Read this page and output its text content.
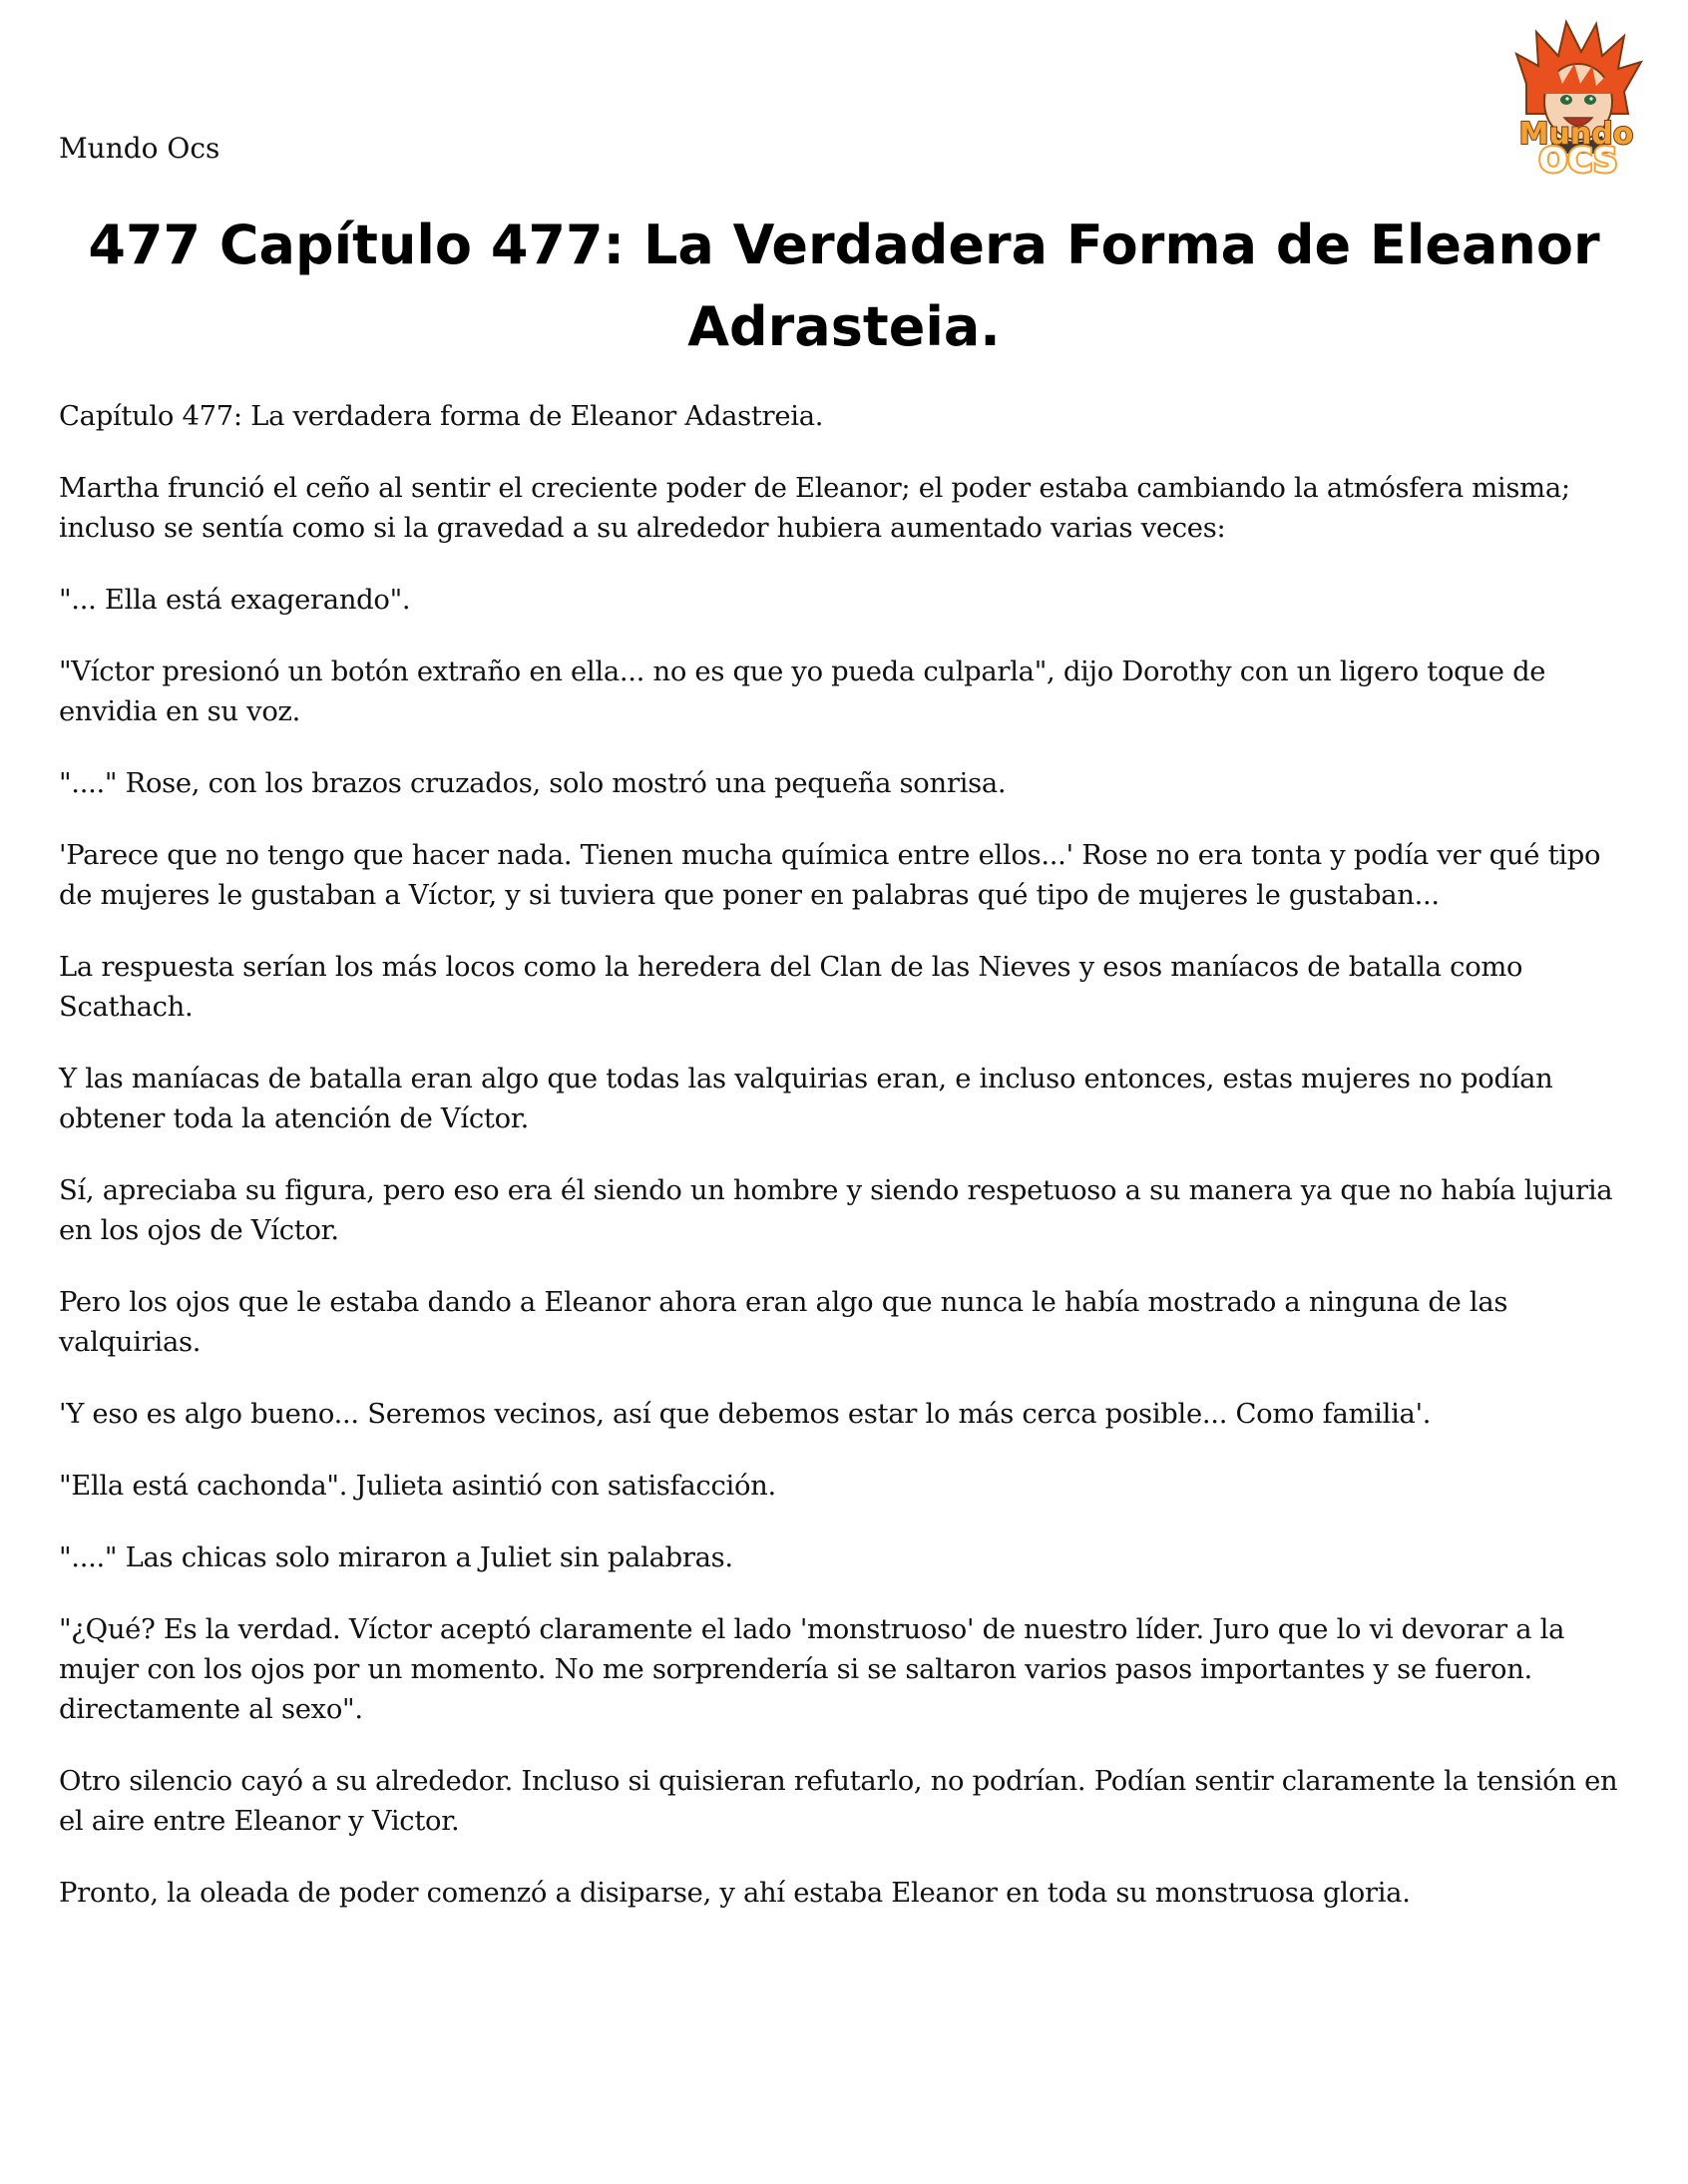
Mundo Ocs	Mundo
OCS
477 Capítulo 477: La Verdadera Forma de Eleanor Adrasteia.

Capítulo 477: La verdadera forma de Eleanor Adastreia.

Martha frunció el ceño al sentir el creciente poder de Eleanor; el poder estaba cambiando la atmósfera misma; incluso se sentía como si la gravedad a su alrededor hubiera aumentado varias veces:

"... Ella está exagerando".

"Víctor presionó un botón extraño en ella... no es que yo pueda culparla", dijo Dorothy con un ligero toque de envidia en su voz.

"...." Rose, con los brazos cruzados, solo mostró una pequeña sonrisa.

'Parece que no tengo que hacer nada. Tienen mucha química entre ellos...' Rose no era tonta y podía ver qué tipo de mujeres le gustaban a Víctor, y si tuviera que poner en palabras qué tipo de mujeres le gustaban...

La respuesta serían los más locos como la heredera del Clan de las Nieves y esos maníacos de batalla como Scathach.

Y las maníacas de batalla eran algo que todas las valquirias eran, e incluso entonces, estas mujeres no podían obtener toda la atención de Víctor.

Sí, apreciaba su figura, pero eso era él siendo un hombre y siendo respetuoso a su manera ya que no había lujuria en los ojos de Víctor.

Pero los ojos que le estaba dando a Eleanor ahora eran algo que nunca le había mostrado a ninguna de las valquirias.

'Y eso es algo bueno... Seremos vecinos, así que debemos estar lo más cerca posible... Como familia'.

"Ella está cachonda". Julieta asintió con satisfacción.

"...." Las chicas solo miraron a Juliet sin palabras.

"¿Qué? Es la verdad. Víctor aceptó claramente el lado 'monstruoso' de nuestro líder. Juro que lo vi devorar a la mujer con los ojos por un momento. No me sorprendería si se saltaron varios pasos importantes y se fueron. directamente al sexo".

Otro silencio cayó a su alrededor. Incluso si quisieran refutarlo, no podrían. Podían sentir claramente la tensión en el aire entre Eleanor y Victor.

Pronto, la oleada de poder comenzó a disiparse, y ahí estaba Eleanor en toda su monstruosa gloria.
